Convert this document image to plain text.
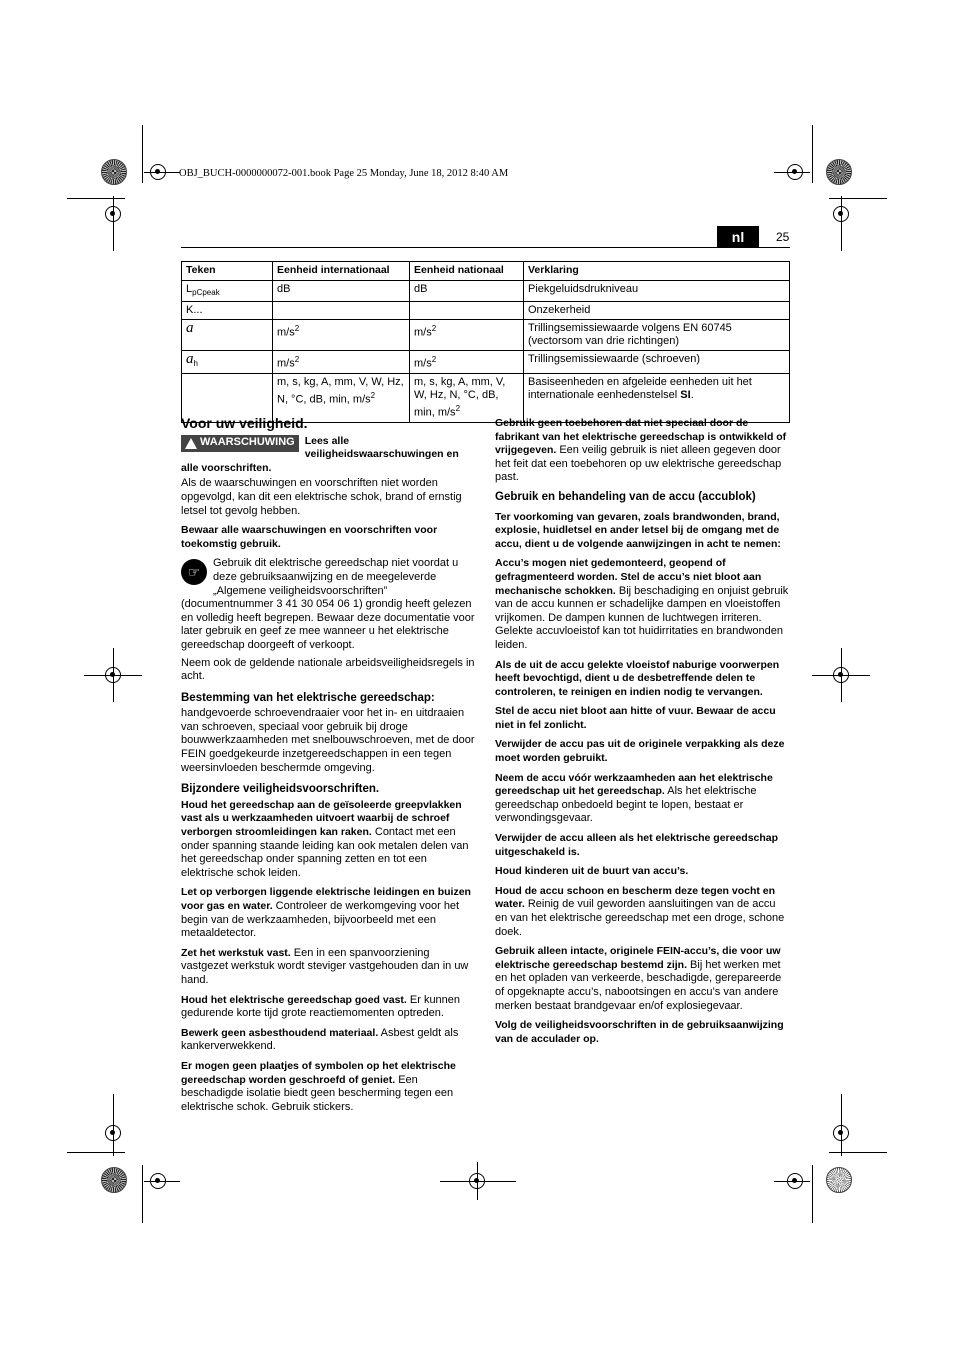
OBJ_BUCH-0000000072-001.book Page 25 Monday, June 18, 2012 8:40 AM
nl	25
Teken	Eenheid internationaal	Eenheid nationaal	Verklaring
$L_{pCpeak}$	dB	dB	Piekgeluidsdrukniveau
K...			Onzekerheid
a	$m/s^2$	$m/s^2$	Trillingsemissiewaarde volgens EN 60745 (vectorsom van drie richtingen)
$a_h$	$m/s^2$	$m/s^2$	Trillingsemissiewaarde (schroeven)
	m, s, kg, A, mm, V, W, Hz, N, °C, dB, min, $m/s^2$	m, s, kg, A, mm, V, W, Hz, N, °C, dB, min, $m/s^2$	Basiseenheden en afgeleide eenheden uit het internationale eenhedenstelsel SI.
Voor uw veiligheid.
WAARSCHUWING Lees alle veiligheidswaarschuwingen en alle voorschriften.

Als de waarschuwingen en voorschriften niet worden opgevolgd, kan dit een elektrische schok, brand of ernstig letsel tot gevolg hebben.

Bewaar alle waarschuwingen en voorschriften voor toekomstig gebruik.

☞

Gebruik dit elektrische gereedschap niet voordat u deze gebruiksaanwijzing en de meegeleverde „Algemene veiligheidsvoorschriften” (documentnummer 3 41 30 054 06 1) grondig heeft gelezen en volledig heeft begrepen. Bewaar deze documentatie voor later gebruik en geef ze mee wanneer u het elektrische gereedschap doorgeeft of verkoopt.

Neem ook de geldende nationale arbeidsveiligheidsregels in acht.

Bestemming van het elektrische gereedschap:

handgevoerde schroevendraaier voor het in- en uitdraaien van schroeven, speciaal voor gebruik bij droge bouwwerkzaamheden met snelbouwschroeven, met de door FEIN goedgekeurde inzetgereedschappen in een tegen weersinvloeden beschermde omgeving.

Bijzondere veiligheidsvoorschriften.

Houd het gereedschap aan de geïsoleerde greepvlakken vast als u werkzaamheden uitvoert waarbij de schroef verborgen stroomleidingen kan raken. Contact met een onder spanning staande leiding kan ook metalen delen van het gereedschap onder spanning zetten en tot een elektrische schok leiden.

Let op verborgen liggende elektrische leidingen en buizen voor gas en water. Controleer de werkomgeving voor het begin van de werkzaamheden, bijvoorbeeld met een metaaldetector.

Zet het werkstuk vast. Een in een spanvoorziening vastgezet werkstuk wordt steviger vastgehouden dan in uw hand.

Houd het elektrische gereedschap goed vast. Er kunnen gedurende korte tijd grote reactiemomenten optreden.

Bewerk geen asbesthoudend materiaal. Asbest geldt als kankerverwekkend.

Er mogen geen plaatjes of symbolen op het elektrische gereedschap worden geschroefd of geniet. Een beschadigde isolatie biedt geen bescherming tegen een elektrische schok. Gebruik stickers.

Gebruik geen toebehoren dat niet speciaal door de fabrikant van het elektrische gereedschap is ontwikkeld of vrijgegeven. Een veilig gebruik is niet alleen gegeven door het feit dat een toebehoren op uw elektrische gereedschap past.

Gebruik en behandeling van de accu (accublok)

Ter voorkoming van gevaren, zoals brandwonden, brand, explosie, huidletsel en ander letsel bij de omgang met de accu, dient u de volgende aanwijzingen in acht te nemen:

Accu’s mogen niet gedemonteerd, geopend of gefragmenteerd worden. Stel de accu’s niet bloot aan mechanische schokken. Bij beschadiging en onjuist gebruik van de accu kunnen er schadelijke dampen en vloeistoffen vrijkomen. De dampen kunnen de luchtwegen irriteren. Gelekte accuvloeistof kan tot huidirritaties en brandwonden leiden.

Als de uit de accu gelekte vloeistof naburige voorwerpen heeft bevochtigd, dient u de desbetreffende delen te controleren, te reinigen en indien nodig te vervangen.

Stel de accu niet bloot aan hitte of vuur. Bewaar de accu niet in fel zonlicht.

Verwijder de accu pas uit de originele verpakking als deze moet worden gebruikt.

Neem de accu vóór werkzaamheden aan het elektrische gereedschap uit het gereedschap. Als het elektrische gereedschap onbedoeld begint te lopen, bestaat er verwondingsgevaar.

Verwijder de accu alleen als het elektrische gereedschap uitgeschakeld is.

Houd kinderen uit de buurt van accu’s.

Houd de accu schoon en bescherm deze tegen vocht en water. Reinig de vuil geworden aansluitingen van de accu en van het elektrische gereedschap met een droge, schone doek.

Gebruik alleen intacte, originele FEIN-accu’s, die voor uw elektrische gereedschap bestemd zijn. Bij het werken met en het opladen van verkeerde, beschadigde, gerepareerde of opgeknapte accu’s, nabootsingen en accu’s van andere merken bestaat brandgevaar en/of explosiegevaar.

Volg de veiligheidsvoorschriften in de gebruiksaanwijzing van de acculader op.
